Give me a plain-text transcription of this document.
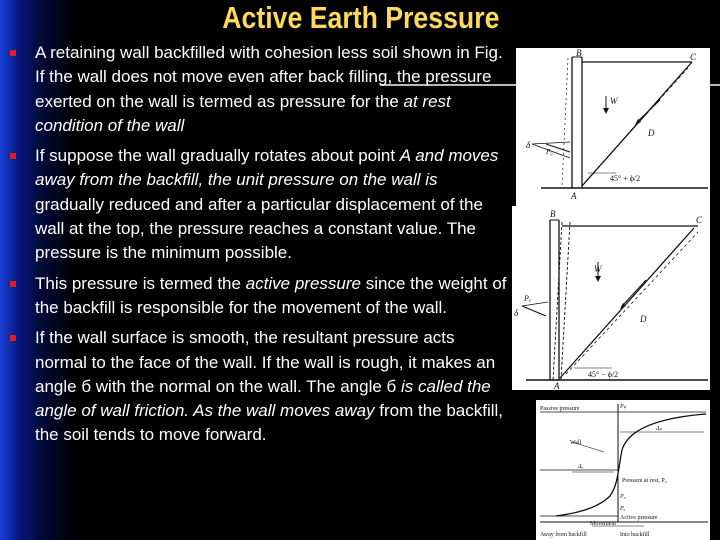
Active Earth Pressure
A retaining wall backfilled with cohesion less soil shown in Fig. If the wall does not move even after back filling, the pressure exerted on the wall is termed as pressure for the at rest condition of the wall
If suppose the wall gradually rotates about point A and moves away from the backfill, the unit pressure on the wall is gradually reduced and after a particular displacement of the wall at the top, the pressure reaches a constant value. The pressure is the minimum possible.
This pressure is termed the active pressure since the weight of the backfill is responsible for the movement of the wall.
If the wall surface is smooth, the resultant pressure acts normal to the face of the wall. If the wall is rough, it makes an angle б with the normal on the wall. The angle б is called the angle of wall friction. As the wall moves away from the backfill, the soil tends to move forward.
B	C
W
D
A
δ
P₀
45° + ϕ/2
B
C
W
D
A
Pₐ
δ
45° − ϕ/2
Passive pressure	Pₚ
Δₚ
Wall
Δₐ
Pressure at rest, P₀
P₀
Pₐ
Active pressure
Movement
Away from backfill	Into backfill
